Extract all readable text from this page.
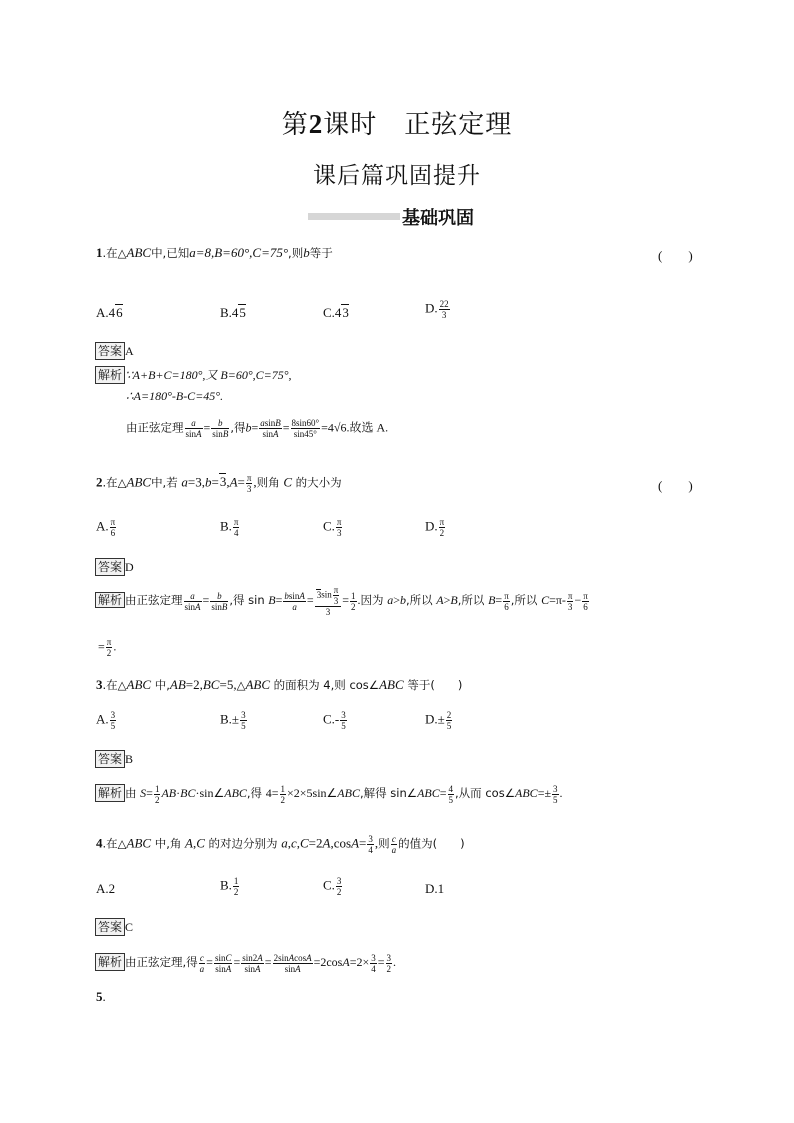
第2课时　正弦定理
课后篇巩固提升
基础巩固
1.在△ABC中,已知a=8,B=60°,C=75°,则b等于	(　　)
A.46	B.45	C.43	D. $\frac{22}{3}$
答案 A
解析 ∵A+B+C=180°,又 B=60°,C=75°,
∴A=180°-B-C=45°.
由正弦定理 $\frac{a}{\sin A} = \frac{b}{\sin B}$ ,得$b= \frac{asinB}{\sin A} = \frac{8\sin 60^\circ}{\sin 45^\circ} =4√6$.故选 A.
2.在△ABC中,若 $a=3,b=3,A= \frac{\pi}{3}$ ,则角 C 的大小为	(　　)
A. $\frac{\pi}{6}$	B. $\frac{\pi}{4}$	C. $\frac{\pi}{3}$	D. $\frac{\pi}{2}$
答案 D
解析 由正弦定理 $\frac{a}{\sin A} = \frac{b}{\sin B}$ ,得 $\sin B= \frac{bsinA}{a} = \frac{3\sin \frac{\pi}{3}}{3} = \frac{1}{2}$ .因为 a>b,所以 A>B,所以 $B= \frac{\pi}{6}$ ,所以 $C=\pi- \frac{\pi}{3} - \frac{\pi}{6}$
= $\frac{\pi}{2}$ .
3.在△ABC 中,AB=2,BC=5,△ABC 的面积为 4,则 cos∠ABC 等于(　　)
A. $\frac{3}{5}$	$B.\pm \frac{3}{5}$	$C.- \frac{3}{5}$	$D.\pm \frac{2}{5}$
答案 B
解析 由 $S= \frac{1}{2}$ AB·BC·sin∠ABC,得 $4= \frac{1}{2}$ ×2×5sin∠ABC,解得 sin∠ABC= $\frac{4}{5}$ ,从而 cos∠ABC=± $\frac{3}{5}$ .
4.在△ABC 中,角 A,C 的对边分别为 $a,c,C=2A,\cos A= \frac{3}{4}$ ,则 $\frac{c}{a}$ 的值为(　　)
A.2	B. $\frac{1}{2}$	C. $\frac{3}{2}$	D.1
答案 C
解析 由正弦定理,得 $\frac{c}{a} = \frac{\sin C}{\sin A} = \frac{\sin 2A}{\sin A} = \frac{\text{2sinAcosA}}{\sin A} =2\cos A=2\times \frac{3}{4} = \frac{3}{2}$ .
5.
